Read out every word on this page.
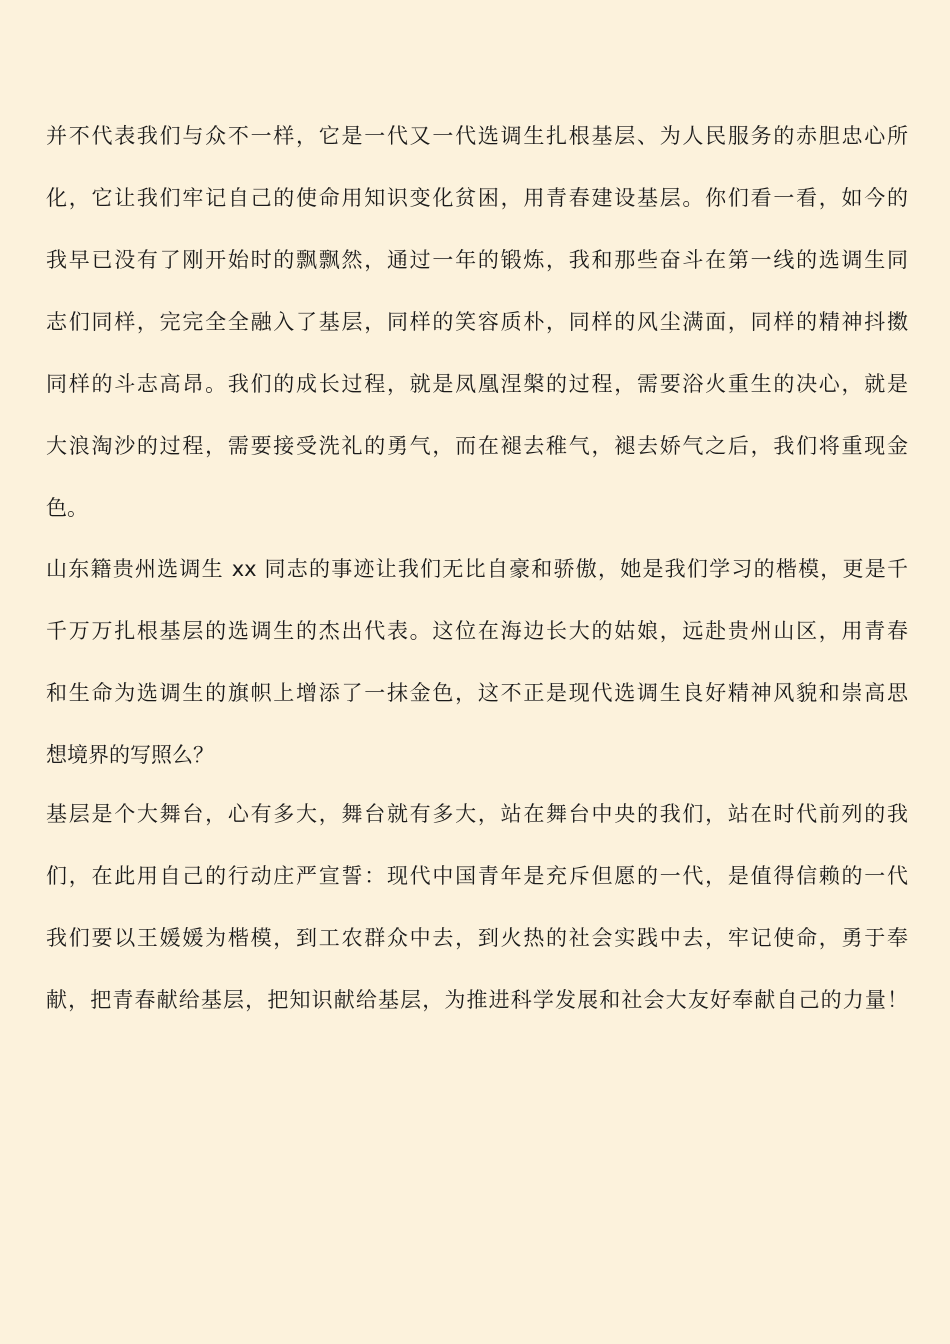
并不代表我们与众不一样，它是一代又一代选调生扎根基层、为人民服务的赤胆忠心所
化，它让我们牢记自己的使命用知识变化贫困，用青春建设基层。你们看一看，如今的
我早已没有了刚开始时的飘飘然，通过一年的锻炼，我和那些奋斗在第一线的选调生同
志们同样，完完全全融入了基层，同样的笑容质朴，同样的风尘满面，同样的精神抖擞
同样的斗志高昂。我们的成长过程，就是凤凰涅槃的过程，需要浴火重生的决心，就是
大浪淘沙的过程，需要接受洗礼的勇气，而在褪去稚气，褪去娇气之后，我们将重现金
色。
山东籍贵州选调生 xx 同志的事迹让我们无比自豪和骄傲，她是我们学习的楷模，更是千
千万万扎根基层的选调生的杰出代表。这位在海边长大的姑娘，远赴贵州山区，用青春
和生命为选调生的旗帜上增添了一抹金色，这不正是现代选调生良好精神风貌和崇高思
想境界的写照么？
基层是个大舞台，心有多大，舞台就有多大，站在舞台中央的我们，站在时代前列的我
们，在此用自己的行动庄严宣誓：现代中国青年是充斥但愿的一代，是值得信赖的一代
我们要以王媛媛为楷模，到工农群众中去，到火热的社会实践中去，牢记使命，勇于奉
献，把青春献给基层，把知识献给基层，为推进科学发展和社会大友好奉献自己的力量！
